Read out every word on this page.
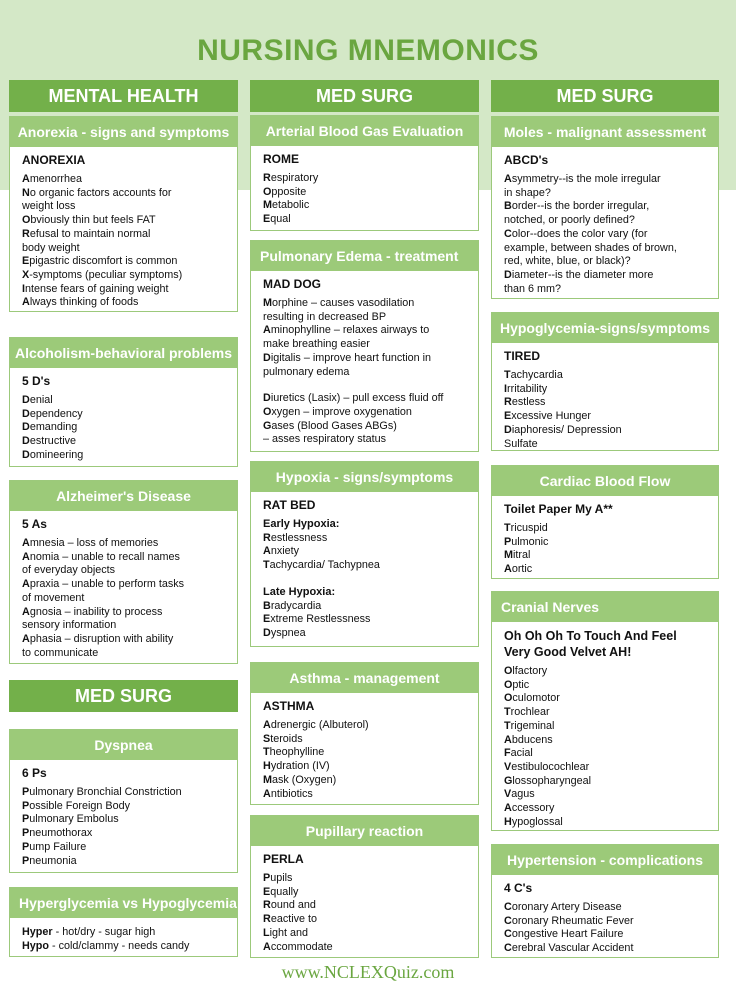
NURSING MNEMONICS
MENTAL HEALTH	MED SURG	MED SURG
MED SURG
Anorexia - signs and symptoms
ANOREXIA
Amenorrhea
No organic factors accounts for
weight loss
Obviously thin but feels FAT
Refusal to maintain normal
body weight
Epigastric discomfort is common
X-symptoms (peculiar symptoms)
Intense fears of gaining weight
Always thinking of foods
Alcoholism-behavioral problems
5 D's
Denial
Dependency
Demanding
Destructive
Domineering
Alzheimer's Disease
5 As
Amnesia – loss of memories
Anomia – unable to recall names
of everyday objects
Apraxia – unable to perform tasks
of movement
Agnosia – inability to process
sensory information
Aphasia – disruption with ability
to communicate
Dyspnea
6 Ps
Pulmonary Bronchial Constriction
Possible Foreign Body
Pulmonary Embolus
Pneumothorax
Pump Failure
Pneumonia
Hyperglycemia vs Hypoglycemia
Hyper - hot/dry - sugar high
Hypo - cold/clammy - needs candy
Arterial Blood Gas Evaluation
ROME
Respiratory
Opposite
Metabolic
Equal
Pulmonary Edema - treatment
MAD DOG
Morphine – causes vasodilation
resulting in decreased BP
Aminophylline – relaxes airways to
make breathing easier
Digitalis – improve heart function in
pulmonary edema
Diuretics (Lasix) – pull excess fluid off
Oxygen – improve oxygenation
Gases (Blood Gases ABGs)
– asses respiratory status
Hypoxia - signs/symptoms
RAT BED
Early Hypoxia:
Restlessness
Anxiety
Tachycardia/ Tachypnea
Late Hypoxia:
Bradycardia
Extreme Restlessness
Dyspnea
Asthma - management
ASTHMA
Adrenergic (Albuterol)
Steroids
Theophylline
Hydration (IV)
Mask (Oxygen)
Antibiotics
Pupillary reaction
PERLA
Pupils
Equally
Round and
Reactive to
Light and
Accommodate
Moles - malignant assessment
ABCD's
Asymmetry--is the mole irregular
in shape?
Border--is the border irregular,
notched, or poorly defined?
Color--does the color vary (for
example, between shades of brown,
red, white, blue, or black)?
Diameter--is the diameter more
than 6 mm?
Hypoglycemia-signs/symptoms
TIRED
Tachycardia
Irritability
Restless
Excessive Hunger
Diaphoresis/ Depression
Sulfate
Cardiac Blood Flow
Toilet Paper My A**
Tricuspid
Pulmonic
Mitral
Aortic
Cranial Nerves
Oh Oh Oh To Touch And Feel Very Good Velvet AH!
Olfactory
Optic
Oculomotor
Trochlear
Trigeminal
Abducens
Facial
Vestibulocochlear
Glossopharyngeal
Vagus
Accessory
Hypoglossal
Hypertension - complications
4 C's
Coronary Artery Disease
Coronary Rheumatic Fever
Congestive Heart Failure
Cerebral Vascular Accident
www.NCLEXQuiz.com
